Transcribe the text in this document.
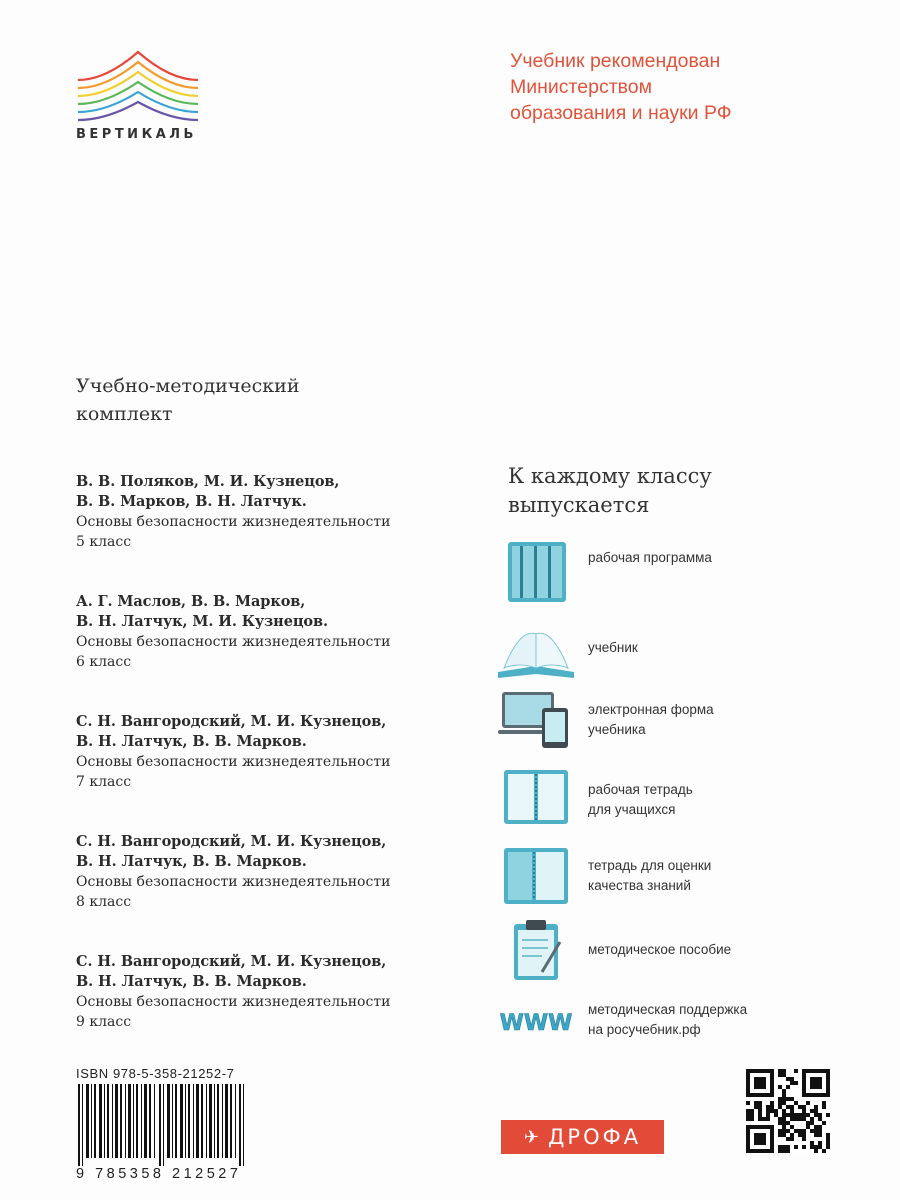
ВЕРТИКАЛЬ
Учебник рекомендован
Министерством
образования и науки РФ
Учебно-методический
комплект
В. В. Поляков, М. И. Кузнецов,
В. В. Марков, В. Н. Латчук.
Основы безопасности жизнедеятельности
5 класс
А. Г. Маслов, В. В. Марков,
В. Н. Латчук, М. И. Кузнецов.
Основы безопасности жизнедеятельности
6 класс
С. Н. Вангородский, М. И. Кузнецов,
В. Н. Латчук, В. В. Марков.
Основы безопасности жизнедеятельности
7 класс
С. Н. Вангородский, М. И. Кузнецов,
В. Н. Латчук, В. В. Марков.
Основы безопасности жизнедеятельности
8 класс
С. Н. Вангородский, М. И. Кузнецов,
В. Н. Латчук, В. В. Марков.
Основы безопасности жизнедеятельности
9 класс
К каждому классу
выпускается
рабочая программа
учебник
электронная форма
учебника
рабочая тетрадь
для учащихся
тетрадь для оценки
качества знаний
методическое пособие
WWW
методическая поддержка
на росучебник.рф
ISBN 978-5-358-21252-7
9 785358 212527
✈ ДРОФА
